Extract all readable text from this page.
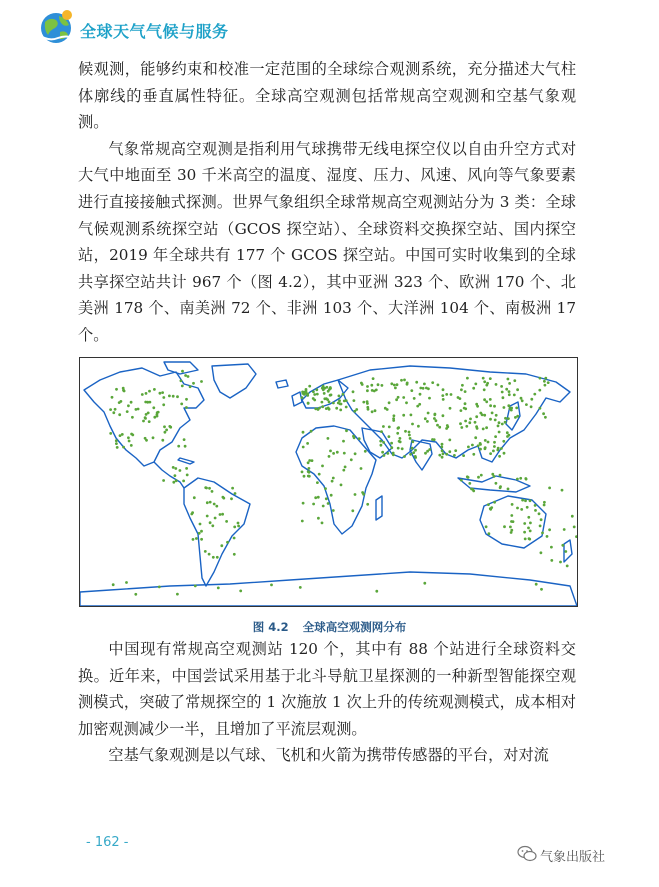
全球天气气候与服务

候观测，能够约束和校准一定范围的全球综合观测系统，充分描述大气柱体廓线的垂直属性特征。全球高空观测包括常规高空观测和空基气象观测。

气象常规高空观测是指利用气球携带无线电探空仪以自由升空方式对大气中地面至 30 千米高空的温度、湿度、压力、风速、风向等气象要素进行直接接触式探测。世界气象组织全球常规高空观测站分为 3 类：全球气候观测系统探空站（GCOS 探空站）、全球资料交换探空站、国内探空站，2019 年全球共有 177 个 GCOS 探空站。中国可实时收集到的全球共享探空站共计 967 个（图 4.2），其中亚洲 323 个、欧洲 170 个、北美洲 178 个、南美洲 72 个、非洲 103 个、大洋洲 104 个、南极洲 17 个。

图 4.2 全球高空观测网分布

中国现有常规高空观测站 120 个，其中有 88 个站进行全球资料交换。近年来，中国尝试采用基于北斗导航卫星探测的一种新型智能探空观测模式，突破了常规探空的 1 次施放 1 次上升的传统观测模式，成本相对加密观测减少一半，且增加了平流层观测。

空基气象观测是以气球、飞机和火箭为携带传感器的平台，对对流

- 162 -
气象出版社
